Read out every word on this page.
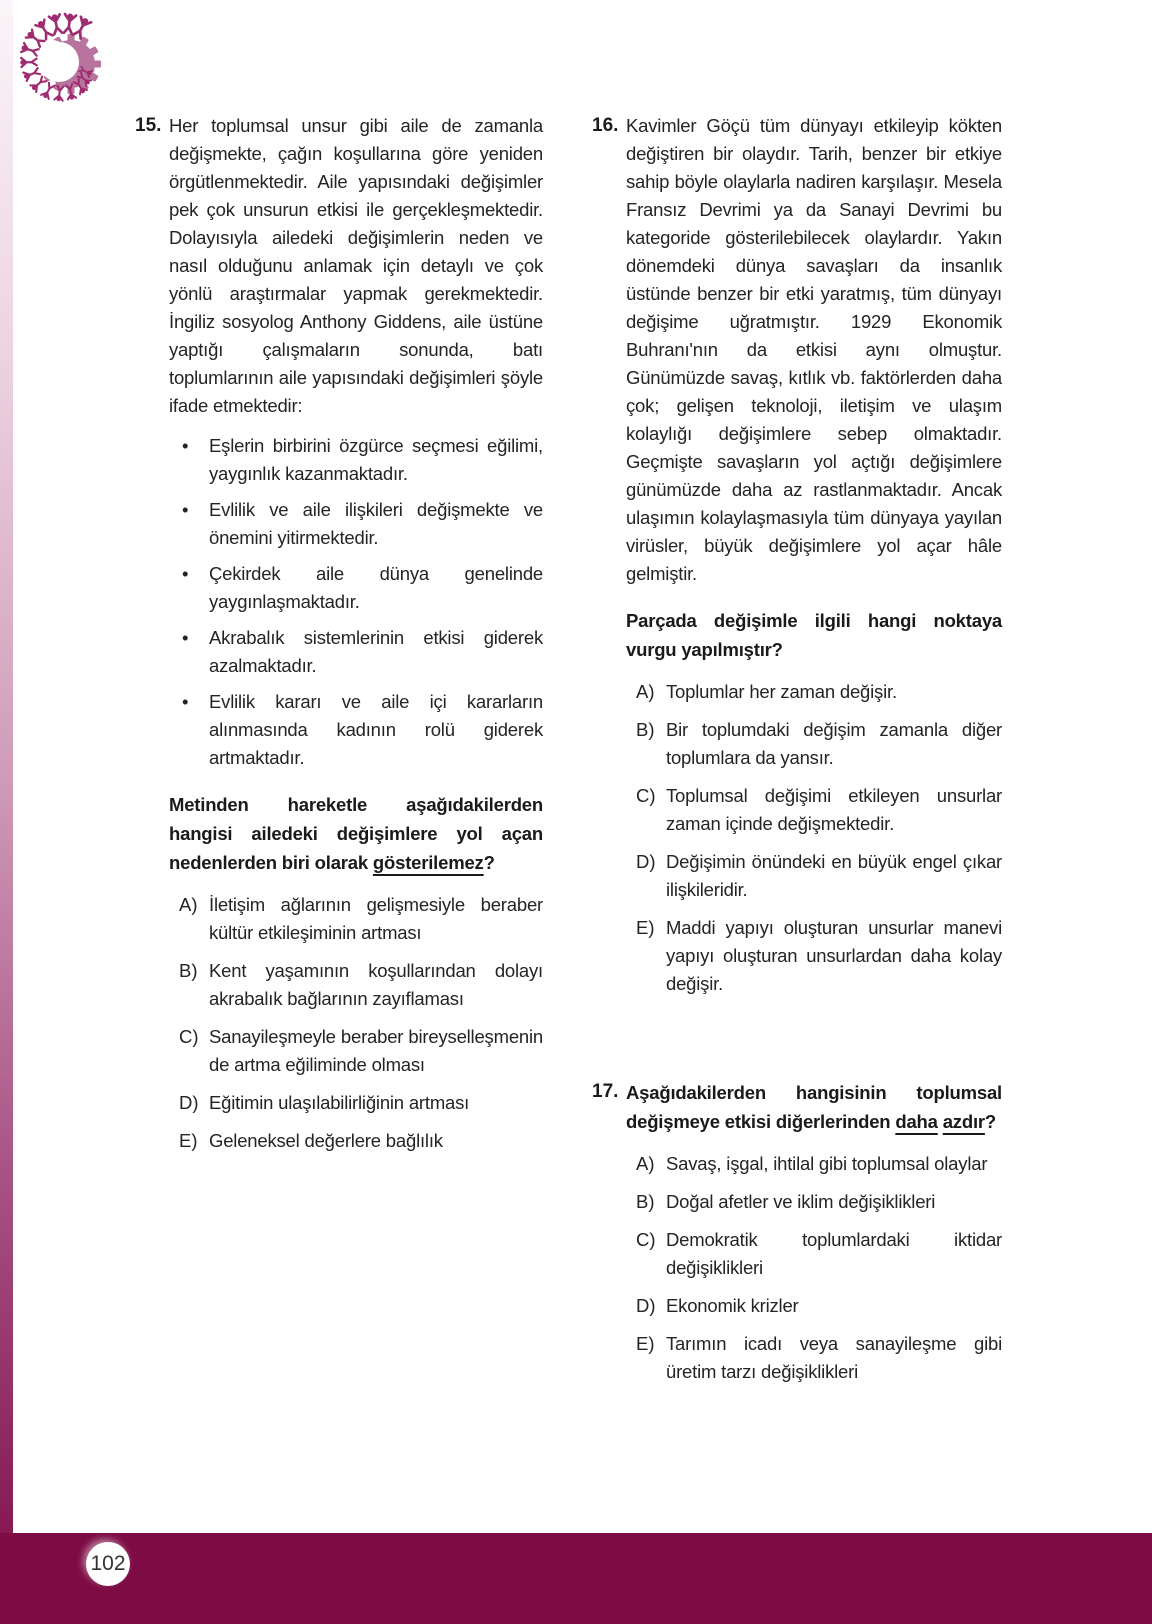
15. Her toplumsal unsur gibi aile de zamanla değişmekte, çağın koşullarına göre yeniden örgütlenmektedir. Aile yapısındaki değişimler pek çok unsurun etkisi ile gerçekleşmektedir. Dolayısıyla ailedeki değişimlerin neden ve nasıl olduğunu anlamak için detaylı ve çok yönlü araştırmalar yapmak gerekmektedir. İngiliz sosyolog Anthony Giddens, aile üstüne yaptığı çalışmaların sonunda, batı toplumlarının aile yapısındaki değişimleri şöyle ifade etmektedir:
•
Eşlerin birbirini özgürce seçmesi eğilimi, yaygınlık kazanmaktadır.
•
Evlilik ve aile ilişkileri değişmekte ve önemini yitirmektedir.
•
Çekirdek aile dünya genelinde yaygınlaşmaktadır.
•
Akrabalık sistemlerinin etkisi giderek azalmaktadır.
•
Evlilik kararı ve aile içi kararların alınmasında kadının rolü giderek artmaktadır.
Metinden hareketle aşağıdakilerden hangisi ailedeki değişimlere yol açan nedenlerden biri olarak gösterilemez?
A) İletişim ağlarının gelişmesiyle beraber kültür etkileşiminin artması
B) Kent yaşamının koşullarından dolayı akrabalık bağlarının zayıflaması
C) Sanayileşmeyle beraber bireyselleşmenin de artma eğiliminde olması
D) Eğitimin ulaşılabilirliğinin artması
E) Geleneksel değerlere bağlılık
16. Kavimler Göçü tüm dünyayı etkileyip kökten değiştiren bir olaydır. Tarih, benzer bir etkiye sahip böyle olaylarla nadiren karşılaşır. Mesela Fransız Devrimi ya da Sanayi Devrimi bu kategoride gösterilebilecek olaylardır. Yakın dönemdeki dünya savaşları da insanlık üstünde benzer bir etki yaratmış, tüm dünyayı değişime uğratmıştır. 1929 Ekonomik Buhranı'nın da etkisi aynı olmuştur. Günümüzde savaş, kıtlık vb. faktörlerden daha çok; gelişen teknoloji, iletişim ve ulaşım kolaylığı değişimlere sebep olmaktadır. Geçmişte savaşların yol açtığı değişimlere günümüzde daha az rastlanmaktadır. Ancak ulaşımın kolaylaşmasıyla tüm dünyaya yayılan virüsler, büyük değişimlere yol açar hâle gelmiştir.
Parçada değişimle ilgili hangi noktaya vurgu yapılmıştır?
A) Toplumlar her zaman değişir.
B) Bir toplumdaki değişim zamanla diğer toplumlara da yansır.
C) Toplumsal değişimi etkileyen unsurlar zaman içinde değişmektedir.
D) Değişimin önündeki en büyük engel çıkar ilişkileridir.
E) Maddi yapıyı oluşturan unsurlar manevi yapıyı oluşturan unsurlardan daha kolay değişir.
17. Aşağıdakilerden hangisinin toplumsal değişmeye etkisi diğerlerinden daha azdır?
A) Savaş, işgal, ihtilal gibi toplumsal olaylar
B) Doğal afetler ve iklim değişiklikleri
C) Demokratik toplumlardaki iktidar değişiklikleri
D) Ekonomik krizler
E) Tarımın icadı veya sanayileşme gibi üretim tarzı değişiklikleri
102
